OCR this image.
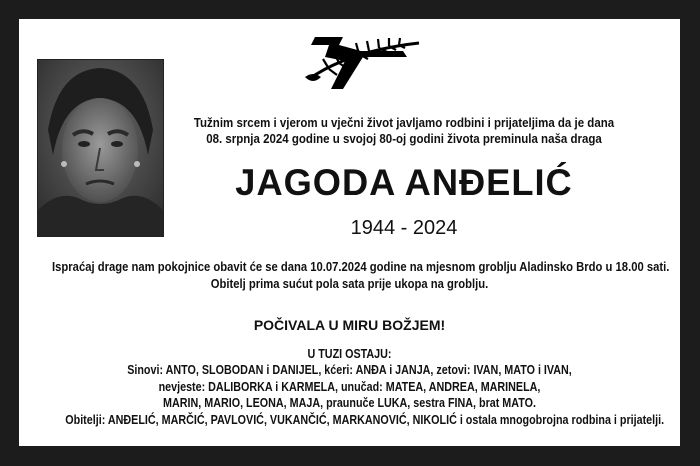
Tužnim srcem i vjerom u vječni život javljamo rodbini i prijateljima da je dana
08. srpnja 2024 godine u svojoj 80-oj godini života preminula naša draga
JAGODA ANĐELIĆ
1944 - 2024
Ispraćaj drage nam pokojnice obavit će se dana 10.07.2024 godine na mjesnom groblju Aladinsko Brdo u 18.00 sati.
Obitelj prima sućut pola sata prije ukopa na groblju.
POČIVALA U MIRU BOŽJEM!
U TUZI OSTAJU:
Sinovi: ANTO, SLOBODAN i DANIJEL, kćeri: ANĐA i JANJA, zetovi: IVAN, MATO i IVAN,
nevjeste: DALIBORKA i KARMELA, unučad: MATEA, ANDREA, MARINELA,
MARIN, MARIO, LEONA, MAJA, praunuče LUKA, sestra FINA, brat MATO.
Obitelji: ANĐELIĆ, MARČIĆ, PAVLOVIĆ, VUKANČIĆ, MARKANOVIĆ, NIKOLIĆ i ostala mnogobrojna rodbina i prijatelji.
